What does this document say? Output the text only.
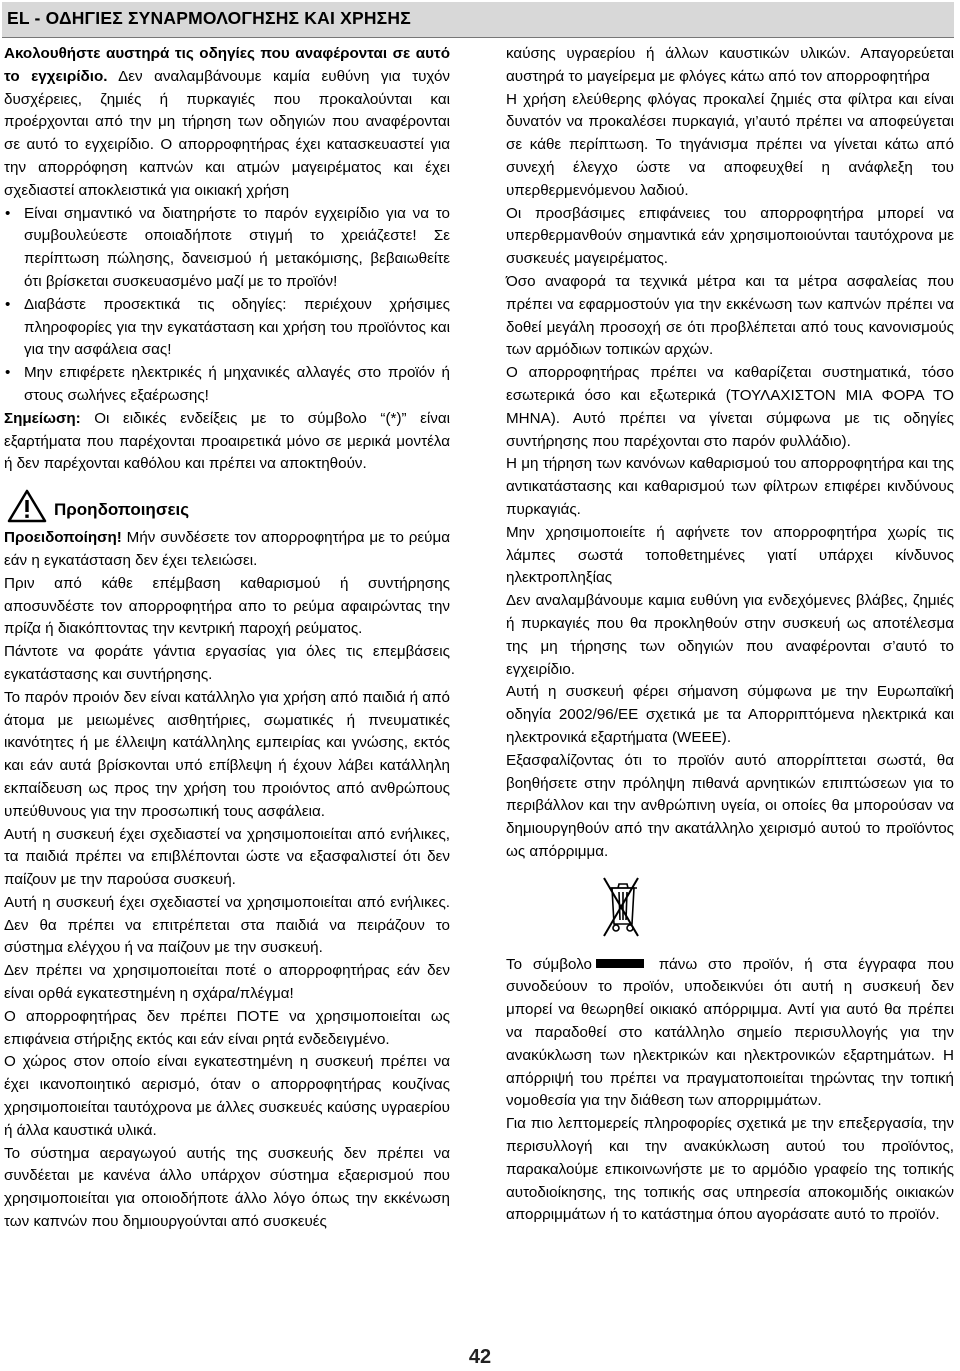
EL - ΟΔΗΓΙΕΣ ΣΥΝΑΡΜΟΛΟΓΗΣΗΣ ΚΑΙ ΧΡΗΣΗΣ

Ακολουθήστε αυστηρά τις οδηγίες που αναφέρονται σε αυτό το εγχειρίδιο. Δεν αναλαμβάνουμε καμία ευθύνη για τυχόν δυσχέρειες, ζημιές ή πυρκαγιές που προκαλούνται και προέρχονται από την μη τήρηση των οδηγιών που αναφέρονται σε αυτό το εγχειρίδιο. Ο απορροφητήρας έχει κατασκευαστεί για την απορρόφηση καπνών και ατμών μαγειρέματος και έχει σχεδιαστεί αποκλειστικά για οικιακή χρήση

• Είναι σημαντικό να διατηρήστε το παρόν εγχειρίδιο για να το συμβουλεύεστε οποιαδήποτε στιγμή το χρειάζεστε! Σε περίπτωση πώλησης, δανεισμού ή μετακόμισης, βεβαιωθείτε ότι βρίσκεται συσκευασμένο μαζί με το προϊόν!

• Διαβάστε προσεκτικά τις οδηγίες: περιέχουν χρήσιμες πληροφορίες για την εγκατάσταση και χρήση του προϊόντος και για την ασφάλεια σας!

• Μην επιφέρετε ηλεκτρικές ή μηχανικές αλλαγές στο προϊόν ή στους σωλήνες εξαέρωσης!

Σημείωση: Οι ειδικές ενδείξεις με το σύμβολο “(*)” είναι εξαρτήματα που παρέχονται προαιρετικά μόνο σε μερικά μοντέλα ή δεν παρέχονται καθόλου και πρέπει να αποκτηθούν.

Προηδοποιησεις

Προειδοποίηση! Μήν συνδέσετε τον απορροφητήρα με το ρεύμα εάν η εγκατάσταση δεν έχει τελειώσει.

Πριν από κάθε επέμβαση καθαρισμού ή συντήρησης αποσυνδέστε τον απορροφητήρα απο το ρεύμα αφαιρώντας την πρίζα ή διακόπτοντας την κεντρική παροχή ρεύματος.

Πάντοτε να φοράτε γάντια εργασίας για όλες τις επεμβάσεις εγκατάστασης και συντήρησης.

Το παρόν προιόν δεν είναι κατάλληλο για χρήση από παιδιά ή από άτομα με μειωμένες αισθητήριες, σωματικές ή πνευματικές ικανότητες ή με έλλειψη κατάλληλης εμπειρίας και γνώσης, εκτός και εάν αυτά βρίσκονται υπό επίβλεψη ή έχουν λάβει κατάλληλη εκπαίδευση ως προς την χρήση του προιόντος από ανθρώπους υπεύθυνους για την προσωπική τους ασφάλεια.

Αυτή η συσκευή έχει σχεδιαστεί να χρησιμοποιείται από ενήλικες, τα παιδιά πρέπει να επιβλέπονται ώστε να εξασφαλιστεί ότι δεν παίζουν με την παρούσα συσκευή.

Αυτή η συσκευή έχει σχεδιαστεί να χρησιμοποιείται από ενήλικες. Δεν θα πρέπει να επιτρέπεται στα παιδιά να πειράζουν το σύστημα ελέγχου ή να παίζουν με την συσκευή.

Δεν πρέπει να χρησιμοποιείται ποτέ ο απορροφητήρας εάν δεν είναι ορθά εγκατεστημένη η σχάρα/πλέγμα!

Ο απορροφητήρας δεν πρέπει ΠΟΤΕ να χρησιμοποιείται ως επιφάνεια στήριξης εκτός και εάν είναι ρητά ενδεδειγμένο.

Ο χώρος στον οποίο είναι εγκατεστημένη η συσκευή πρέπει να έχει ικανοποιητικό αερισμό, όταν ο απορροφητήρας κουζίνας χρησιμοποιείται ταυτόχρονα με άλλες συσκευές καύσης υγραερίου ή άλλα καυστικά υλικά.

Το σύστημα αεραγωγού αυτής της συσκευής δεν πρέπει να συνδέεται με κανένα άλλο υπάρχον σύστημα εξαερισμού που χρησιμοποιείται για οποιοδήποτε άλλο λόγο όπως την εκκένωση των καπνών που δημιουργούνται από συσκευές

καύσης υγραερίου ή άλλων καυστικών υλικών. Απαγορεύεται αυστηρά το μαγείρεμα με φλόγες κάτω από τον απορροφητήρα

Η χρήση ελεύθερης φλόγας προκαλεί ζημιές στα φίλτρα και είναι δυνατόν να προκαλέσει πυρκαγιά, γι’αυτό πρέπει να αποφεύγεται σε κάθε περίπτωση. Το τηγάνισμα πρέπει να γίνεται κάτω από συνεχή έλεγχο ώστε να αποφευχθεί η ανάφλεξη του υπερθερμενόμενου λαδιού.

Οι προσβάσιμες επιφάνειες του απορροφητήρα μπορεί να υπερθερμανθούν σημαντικά εάν χρησιμοποιούνται ταυτόχρονα με συσκευές μαγειρέματος.

Όσο αναφορά τα τεχνικά μέτρα και τα μέτρα ασφαλείας που πρέπει να εφαρμοστούν για την εκκένωση των καπνών πρέπει να δοθεί μεγάλη προσοχή σε ότι προβλέπεται από τους κανονισμούς των αρμόδιων τοπικών αρχών.

Ο απορροφητήρας πρέπει να καθαρίζεται συστηματικά, τόσο εσωτερικά όσο και εξωτερικά (ΤΟΥΛΑΧΙΣΤΟΝ ΜΙΑ ΦΟΡΑ ΤΟ ΜΗΝΑ). Αυτό πρέπει να γίνεται σύμφωνα με τις οδηγίες συντήρησης που παρέχονται στο παρόν φυλλάδιο).

Η μη τήρηση των κανόνων καθαρισμού του απορροφητήρα και της αντικατάστασης και καθαρισμού των φίλτρων επιφέρει κινδύνους πυρκαγιάς.

Μην χρησιμοποιείτε ή αφήνετε τον απορροφητήρα χωρίς τις λάμπες σωστά τοποθετημένες γιατί υπάρχει κίνδυνος ηλεκτροπληξίας

Δεν αναλαμβάνουμε καμια ευθύνη για ενδεχόμενες βλάβες, ζημιές ή πυρκαγιές που θα προκληθούν στην συσκευή ως αποτέλεσμα της μη τήρησης των οδηγιών που αναφέρονται σ’αυτό το εγχειρίδιο.

Αυτή η συσκευή φέρει σήμανση σύμφωνα με την Ευρωπαϊκή οδηγία 2002/96/ΕΕ σχετικά με τα Απορριπτόμενα ηλεκτρικά και ηλεκτρονικά εξαρτήματα (WEEE).

Εξασφαλίζοντας ότι το προϊόν αυτό απορρίπτεται σωστά, θα βοηθήσετε στην πρόληψη πιθανά αρνητικών επιπτώσεων για το περιβάλλον και την ανθρώπινη υγεία, οι οποίες θα μπορούσαν να δημιουργηθούν από την ακατάλληλο χειρισμό αυτού το προϊόντος ως απόρριμμα.

Το σύμβολο	πάνω στο προϊόν, ή στα έγγραφα που συνοδεύουν το προϊόν, υποδεικνύει ότι αυτή η συσκευή δεν μπορεί να θεωρηθεί οικιακό απόρριμμα. Αντί για αυτό θα πρέπει να παραδοθεί στο κατάλληλο σημείο περισυλλογής για την ανακύκλωση των ηλεκτρικών και ηλεκτρονικών εξαρτημάτων. Η απόρριψή του πρέπει να πραγματοποιείται τηρώντας την τοπική νομοθεσία για την διάθεση των απορριμμάτων.

Για πιο λεπτομερείς πληροφορίες σχετικά με την επεξεργασία, την περισυλλογή και την ανακύκλωση αυτού του προϊόντος, παρακαλούμε επικοινωνήστε με το αρμόδιο γραφείο της τοπικής αυτοδιοίκησης, της τοπικής σας υπηρεσία αποκομιδής οικιακών απορριμμάτων ή το κατάστημα όπου αγοράσατε αυτό το προϊόν.

42
